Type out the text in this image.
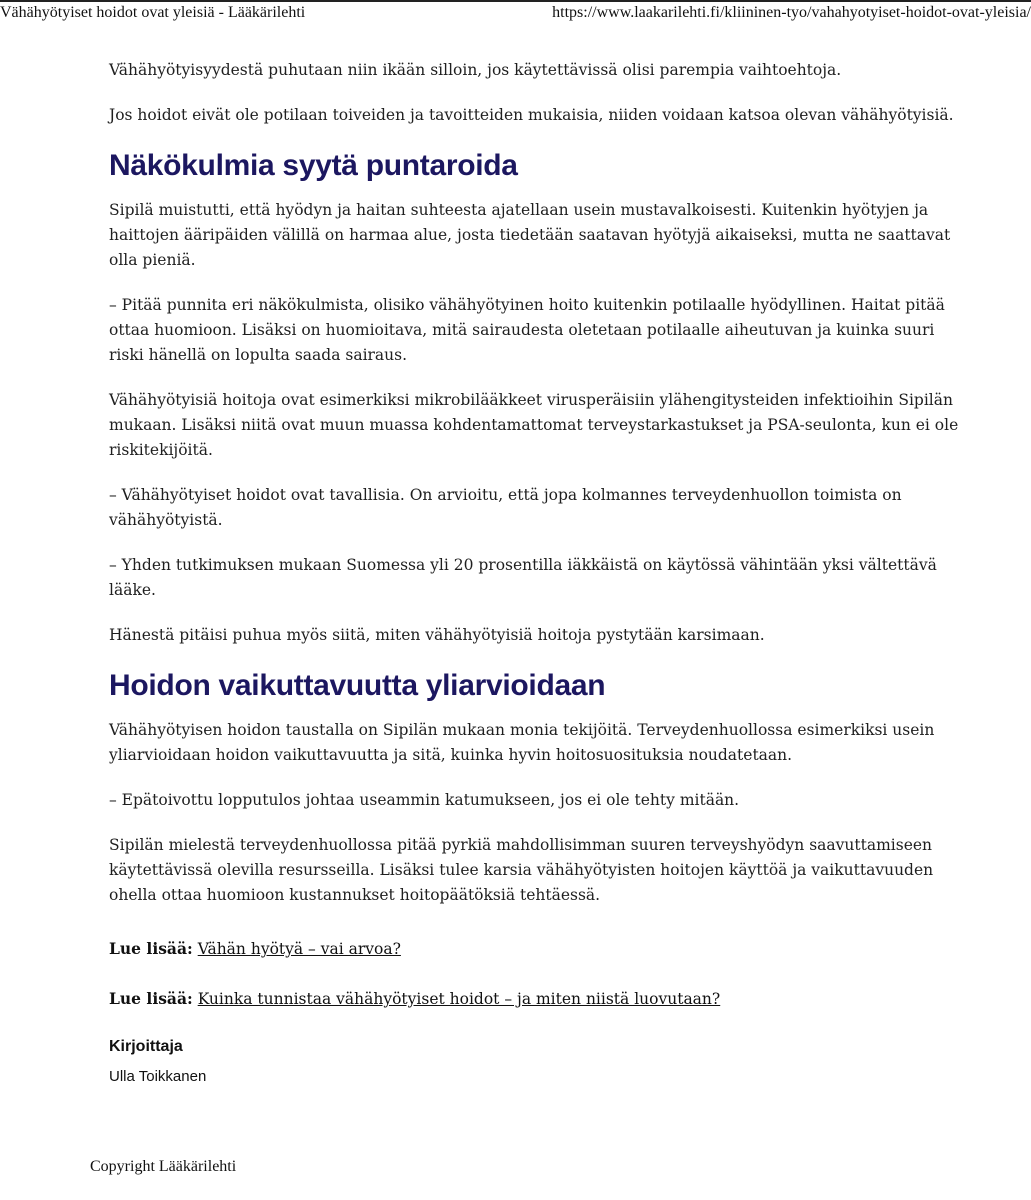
Vähähyötyiset hoidot ovat yleisiä - Lääkärilehti	https://www.laakarilehti.fi/kliininen-tyo/vahahyotyiset-hoidot-ovat-yleisia/

Vähähyötyisyydestä puhutaan niin ikään silloin, jos käytettävissä olisi parempia vaihtoehtoja.

Jos hoidot eivät ole potilaan toiveiden ja tavoitteiden mukaisia, niiden voidaan katsoa olevan vähähyötyisiä.

Näkökulmia syytä puntaroida

Sipilä muistutti, että hyödyn ja haitan suhteesta ajatellaan usein mustavalkoisesti. Kuitenkin hyötyjen ja haittojen ääripäiden välillä on harmaa alue, josta tiedetään saatavan hyötyjä aikaiseksi, mutta ne saattavat olla pieniä.

– Pitää punnita eri näkökulmista, olisiko vähähyötyinen hoito kuitenkin potilaalle hyödyllinen. Haitat pitää ottaa huomioon. Lisäksi on huomioitava, mitä sairaudesta oletetaan potilaalle aiheutuvan ja kuinka suuri riski hänellä on lopulta saada sairaus.

Vähähyötyisiä hoitoja ovat esimerkiksi mikrobilääkkeet virusperäisiin ylähengitysteiden infektioihin Sipilän mukaan. Lisäksi niitä ovat muun muassa kohdentamattomat terveystarkastukset ja PSA-seulonta, kun ei ole riskitekijöitä.

– Vähähyötyiset hoidot ovat tavallisia. On arvioitu, että jopa kolmannes terveydenhuollon toimista on vähähyötyistä.

– Yhden tutkimuksen mukaan Suomessa yli 20 prosentilla iäkkäistä on käytössä vähintään yksi vältettävä lääke.

Hänestä pitäisi puhua myös siitä, miten vähähyötyisiä hoitoja pystytään karsimaan.

Hoidon vaikuttavuutta yliarvioidaan

Vähähyötyisen hoidon taustalla on Sipilän mukaan monia tekijöitä. Terveydenhuollossa esimerkiksi usein yliarvioidaan hoidon vaikuttavuutta ja sitä, kuinka hyvin hoitosuosituksia noudatetaan.

– Epätoivottu lopputulos johtaa useammin katumukseen, jos ei ole tehty mitään.

Sipilän mielestä terveydenhuollossa pitää pyrkiä mahdollisimman suuren terveyshyödyn saavuttamiseen käytettävissä olevilla resursseilla. Lisäksi tulee karsia vähähyötyisten hoitojen käyttöä ja vaikuttavuuden ohella ottaa huomioon kustannukset hoitopäätöksiä tehtäessä.

Lue lisää: Vähän hyötyä – vai arvoa?
Lue lisää: Kuinka tunnistaa vähähyötyiset hoidot – ja miten niistä luovutaan?
Kirjoittaja
Ulla Toikkanen
Copyright Lääkärilehti
